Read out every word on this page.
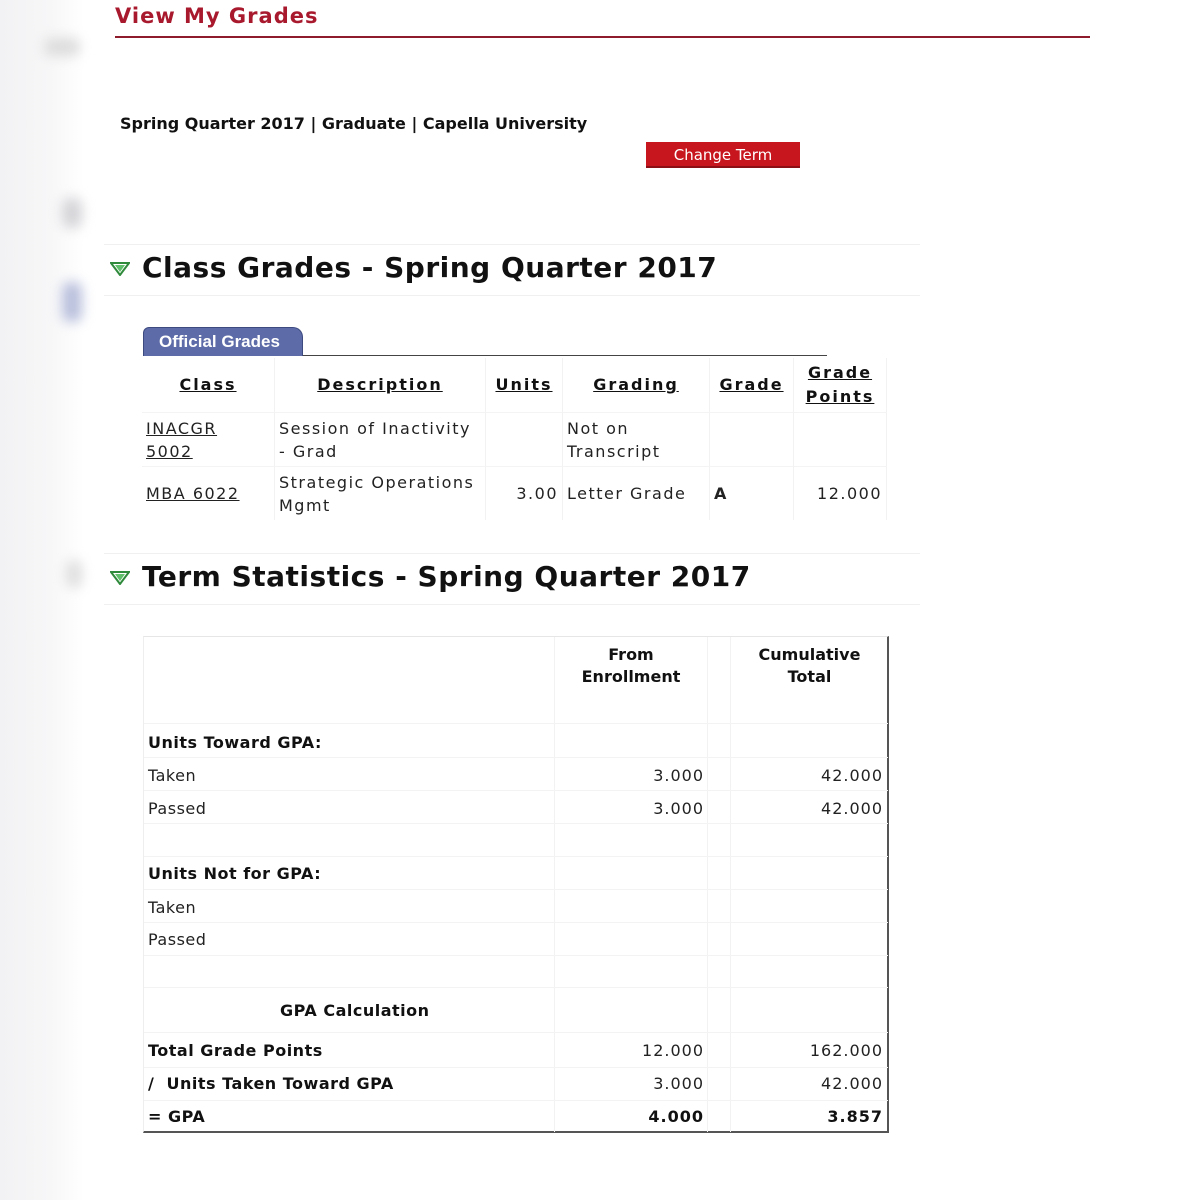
View My Grades
Spring Quarter 2017 | Graduate | Capella University
Change Term
Class Grades - Spring Quarter 2017
Official Grades
Class	Description	Units	Grading	Grade	Grade
Points
INACGR
5002	Session of Inactivity
- Grad		Not on
Transcript		
MBA 6022	Strategic Operations
Mgmt	3.00	Letter Grade	A	12.000
Term Statistics - Spring Quarter 2017
From
Enrollment
Cumulative
Total
Units Toward GPA:
Taken	3.000	42.000
Passed	3.000	42.000
Units Not for GPA:
Taken
Passed
GPA Calculation
Total Grade Points	12.000	162.000
/  Units Taken Toward GPA	3.000	42.000
= GPA	4.000	3.857
